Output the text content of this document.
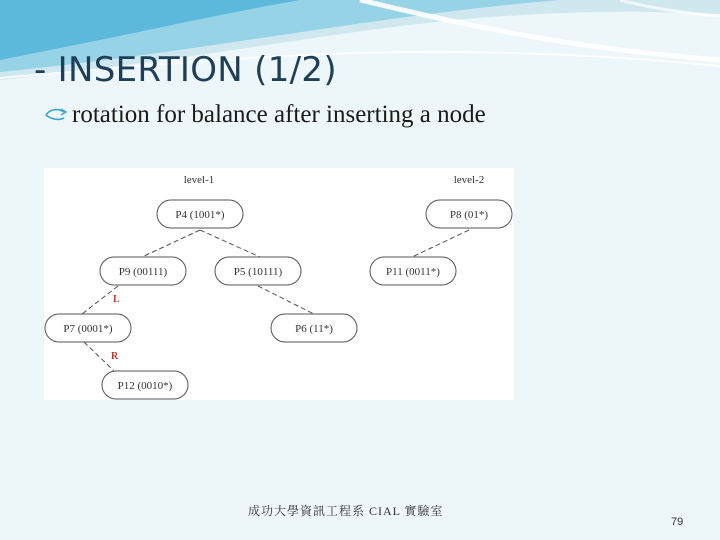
- INSERTION (1/2)
rotation for balance after inserting a node
level-1	level-2
P4 (1001*)
P9 (00111)	P5 (10111)
P7 (0001*)	P6 (11*)
P12 (0010*)
P8 (01*)
P11 (0011*)
L
R
成功大學資訊工程系 CIAL 實驗室
79
